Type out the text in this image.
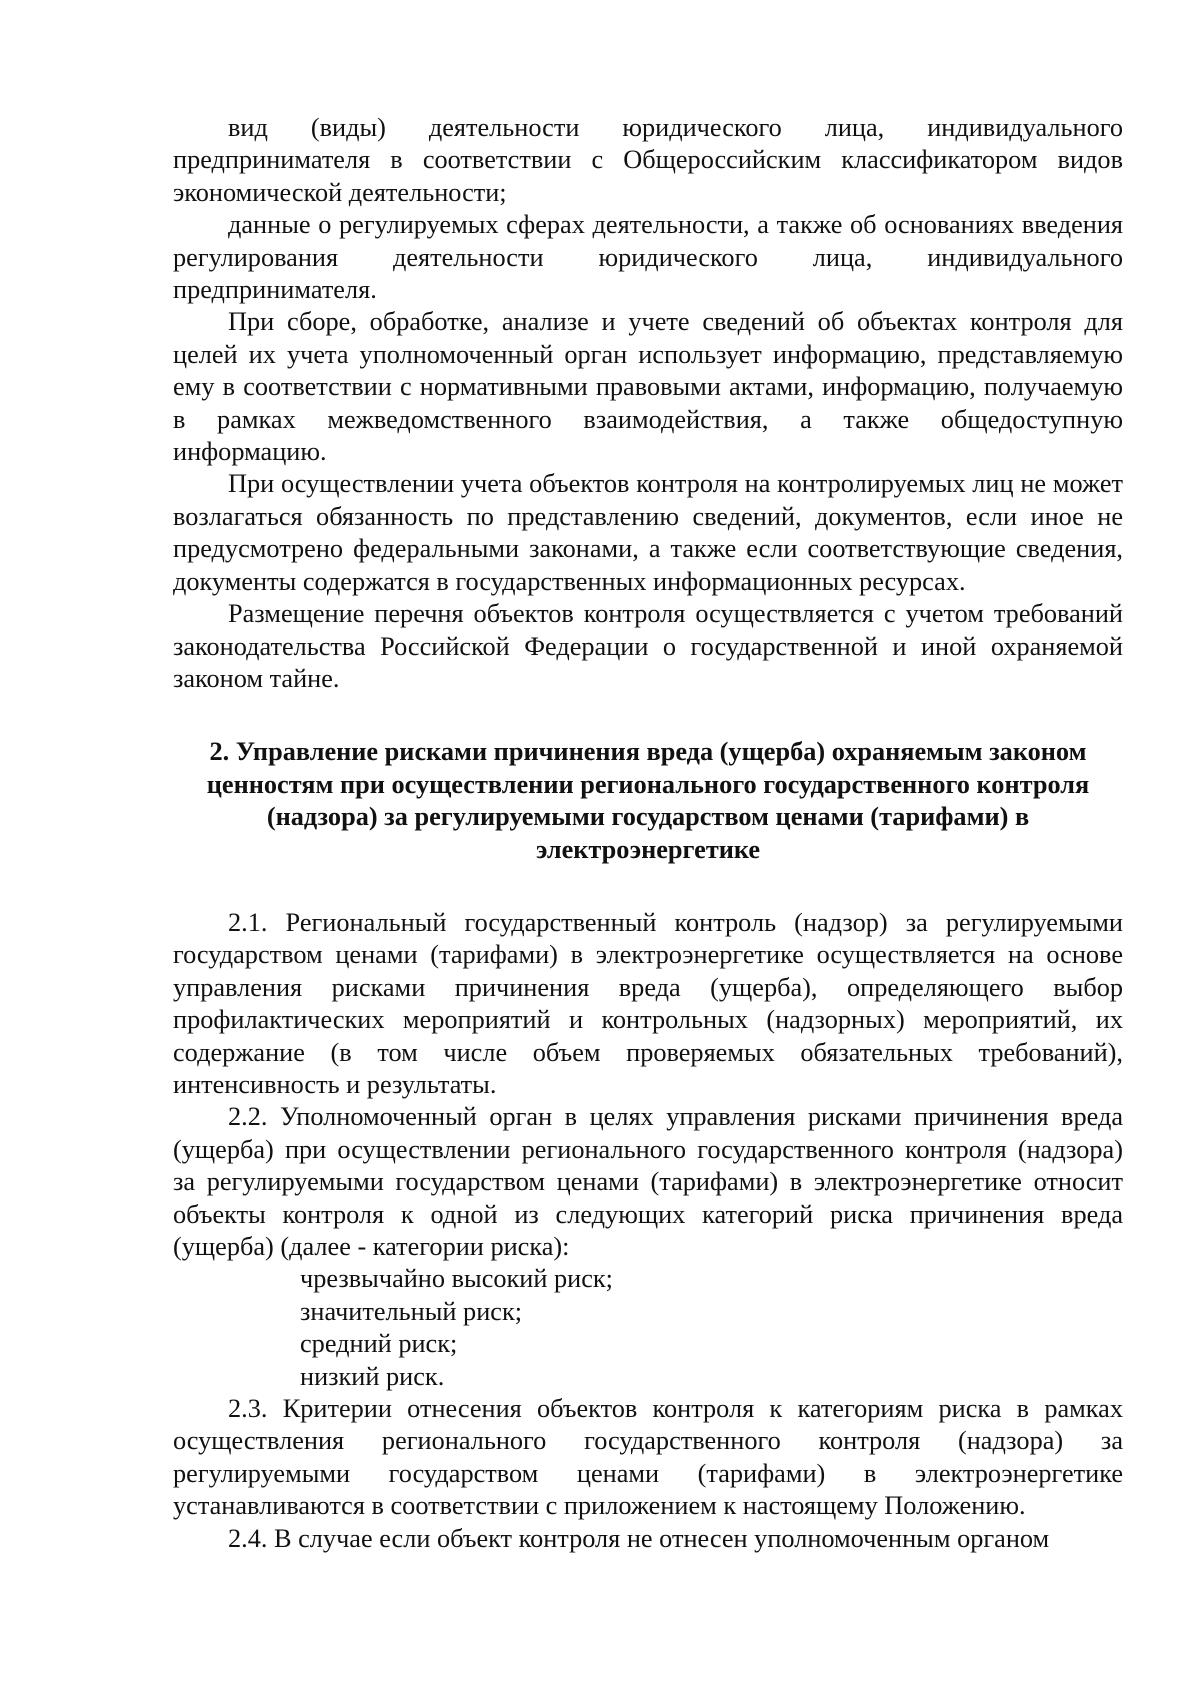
вид (виды) деятельности юридического лица, индивидуального предпринимателя в соответствии с Общероссийским классификатором видов экономической деятельности;

данные о регулируемых сферах деятельности, а также об основаниях введения регулирования деятельности юридического лица, индивидуального предпринимателя.

При сборе, обработке, анализе и учете сведений об объектах контроля для целей их учета уполномоченный орган использует информацию, представляемую ему в соответствии с нормативными правовыми актами, информацию, получаемую в рамках межведомственного взаимодействия, а также общедоступную информацию.

При осуществлении учета объектов контроля на контролируемых лиц не может возлагаться обязанность по представлению сведений, документов, если иное не предусмотрено федеральными законами, а также если соответствующие сведения, документы содержатся в государственных информационных ресурсах.

Размещение перечня объектов контроля осуществляется с учетом требований законодательства Российской Федерации о государственной и иной охраняемой законом тайне.

2. Управление рисками причинения вреда (ущерба) охраняемым законом ценностям при осуществлении регионального государственного контроля (надзора) за регулируемыми государством ценами (тарифами) в электроэнергетике

2.1. Региональный государственный контроль (надзор) за регулируемыми государством ценами (тарифами) в электроэнергетике осуществляется на основе управления рисками причинения вреда (ущерба), определяющего выбор профилактических мероприятий и контрольных (надзорных) мероприятий, их содержание (в том числе объем проверяемых обязательных требований), интенсивность и результаты.

2.2. Уполномоченный орган в целях управления рисками причинения вреда (ущерба) при осуществлении регионального государственного контроля (надзора) за регулируемыми государством ценами (тарифами) в электроэнергетике относит объекты контроля к одной из следующих категорий риска причинения вреда (ущерба) (далее - категории риска):

чрезвычайно высокий риск;

значительный риск;

средний риск;

низкий риск.

2.3. Критерии отнесения объектов контроля к категориям риска в рамках осуществления регионального государственного контроля (надзора) за регулируемыми государством ценами (тарифами) в электроэнергетике устанавливаются в соответствии с приложением к настоящему Положению.

2.4. В случае если объект контроля не отнесен уполномоченным органом
